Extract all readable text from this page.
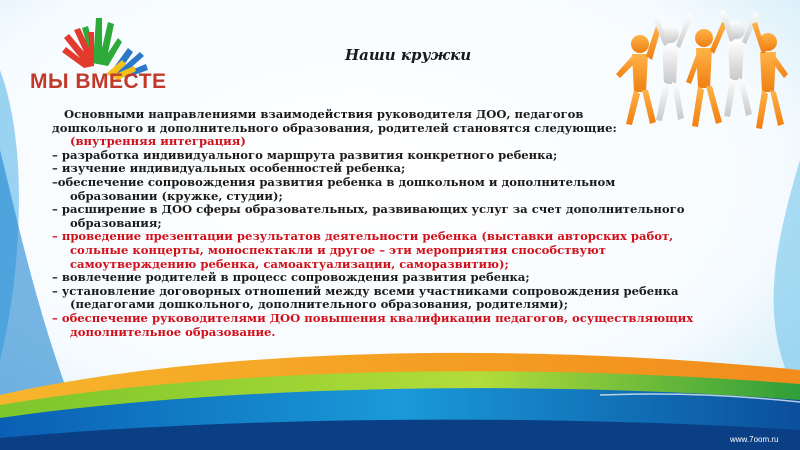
МЫ ВМЕСТЕ
Наши кружки

Основными направлениями взаимодействия руководителя ДОО, педагогов

дошкольного и дополнительного образования, родителей становятся следующие:

(внутренняя интеграция)

– разработка индивидуального маршрута развития конкретного ребенка;

– изучение индивидуальных особенностей ребенка;

–обеспечение сопровождения развития ребенка в дошкольном и дополнительном

образовании (кружке, студии);

– расширение в ДОО сферы образовательных, развивающих услуг за счет дополнительного

образования;

– проведение презентации результатов деятельности ребенка (выставки авторских работ,

сольные концерты, моноспектакли и другое – эти мероприятия способствуют

самоутверждению ребенка, самоактуализации, саморазвитию);

– вовлечение родителей в процесс сопровождения развития ребенка;

– установление договорных отношений между всеми участниками сопровождения ребенка

(педагогами дошкольного, дополнительного образования, родителями);

– обеспечение руководителями ДОО повышения квалификации педагогов, осуществляющих

дополнительное образование.

www.7oom.ru
